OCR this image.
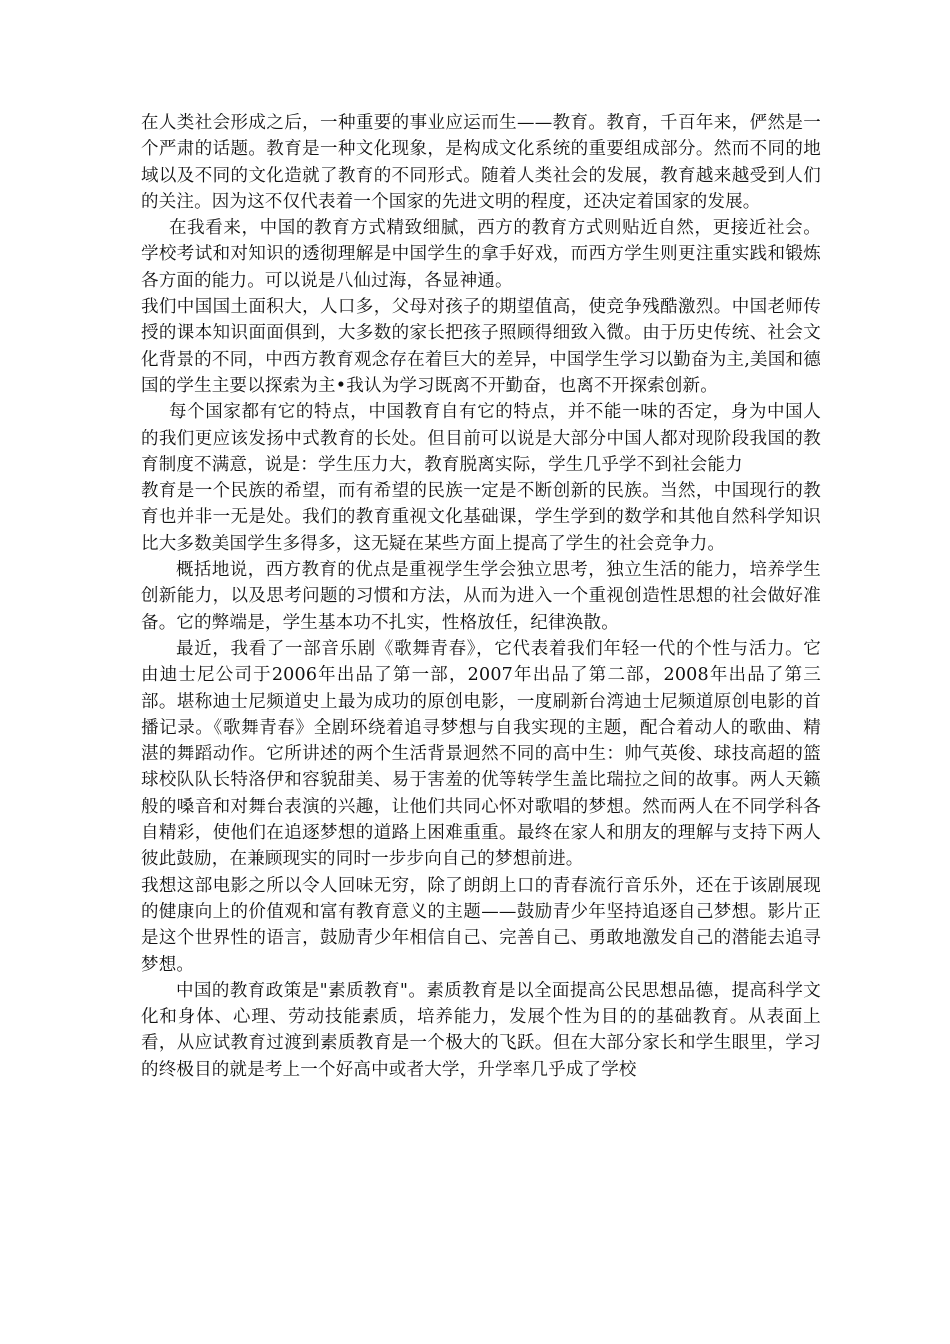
在人类社会形成之后，一种重要的事业应运而生——教育。教育，千百年来，俨然是一个严肃的话题。教育是一种文化现象，是构成文化系统的重要组成部分。然而不同的地域以及不同的文化造就了教育的不同形式。随着人类社会的发展，教育越来越受到人们的关注。因为这不仅代表着一个国家的先进文明的程度，还决定着国家的发展。

在我看来，中国的教育方式精致细腻，西方的教育方式则贴近自然，更接近社会。学校考试和对知识的透彻理解是中国学生的拿手好戏，而西方学生则更注重实践和锻炼各方面的能力。可以说是八仙过海，各显神通。

我们中国国土面积大，人口多，父母对孩子的期望值高，使竞争残酷激烈。中国老师传授的课本知识面面俱到，大多数的家长把孩子照顾得细致入微。由于历史传统、社会文化背景的不同，中西方教育观念存在着巨大的差异，中国学生学习以勤奋为主,美国和德国的学生主要以探索为主•我认为学习既离不开勤奋，也离不开探索创新。

每个国家都有它的特点，中国教育自有它的特点，并不能一味的否定，身为中国人的我们更应该发扬中式教育的长处。但目前可以说是大部分中国人都对现阶段我国的教育制度不满意，说是：学生压力大，教育脱离实际，学生几乎学不到社会能力

教育是一个民族的希望，而有希望的民族一定是不断创新的民族。当然，中国现行的教育也并非一无是处。我们的教育重视文化基础课，学生学到的数学和其他自然科学知识比大多数美国学生多得多，这无疑在某些方面上提高了学生的社会竞争力。

概括地说，西方教育的优点是重视学生学会独立思考，独立生活的能力，培养学生创新能力，以及思考问题的习惯和方法，从而为进入一个重视创造性思想的社会做好准备。它的弊端是，学生基本功不扎实，性格放任，纪律涣散。

最近，我看了一部音乐剧《歌舞青春》，它代表着我们年轻一代的个性与活力。它由迪士尼公司于2006年出品了第一部，2007年出品了第二部，2008年出品了第三部。堪称迪士尼频道史上最为成功的原创电影，一度刷新台湾迪士尼频道原创电影的首播记录。《歌舞青春》全剧环绕着追寻梦想与自我实现的主题，配合着动人的歌曲、精湛的舞蹈动作。它所讲述的两个生活背景迥然不同的高中生：帅气英俊、球技高超的篮球校队队长特洛伊和容貌甜美、易于害羞的优等转学生盖比瑞拉之间的故事。两人天籁般的嗓音和对舞台表演的兴趣，让他们共同心怀对歌唱的梦想。然而两人在不同学科各自精彩，使他们在追逐梦想的道路上困难重重。最终在家人和朋友的理解与支持下两人彼此鼓励，在兼顾现实的同时一步步向自己的梦想前进。

我想这部电影之所以令人回味无穷，除了朗朗上口的青春流行音乐外，还在于该剧展现的健康向上的价值观和富有教育意义的主题——鼓励青少年坚持追逐自己梦想。影片正是这个世界性的语言，鼓励青少年相信自己、完善自己、勇敢地激发自己的潜能去追寻梦想。

中国的教育政策是"素质教育"。素质教育是以全面提高公民思想品德，提高科学文化和身体、心理、劳动技能素质，培养能力，发展个性为目的的基础教育。从表面上看，从应试教育过渡到素质教育是一个极大的飞跃。但在大部分家长和学生眼里，学习的终极目的就是考上一个好高中或者大学，升学率几乎成了学校
